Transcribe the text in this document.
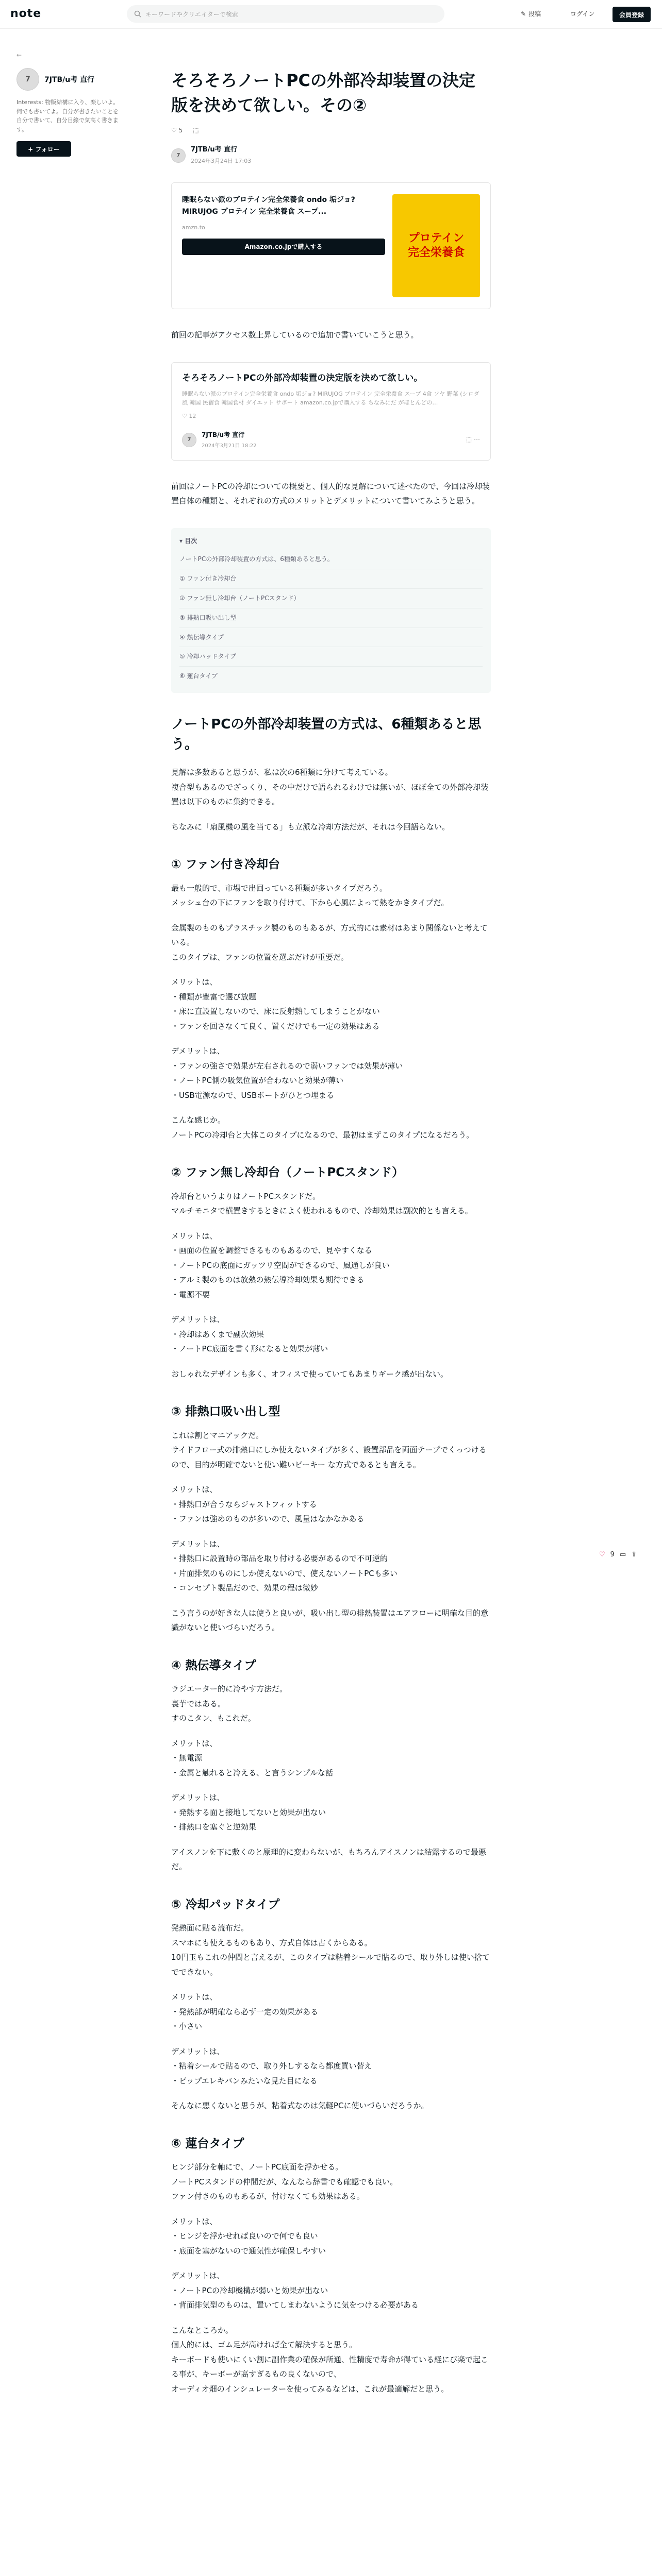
note	キーワードやクリエイターで検索	✎ 投稿	ログイン	会員登録
←
7	7JTB/u考 直行
Interests: 物販結構に入り、楽しいよ。何でも書いてよ。自分が書きたいことを自分で書いて、自分目線で気高く書きます。
+ フォロー
そろそろノートPCの外部冷却装置の決定版を決めて欲しい。その②
♡ 5 ⬚
7
7JTB/u考 直行
2024年3月24日 17:03
睡眠らない派のプロテイン完全栄養食 ondo 垢ジョ? MIRUJOG プロテイン 完全栄養食 スープ...
amzn.to
Amazon.co.jpで購入する
プロテイン
完全栄養食

前回の記事がアクセス数上昇しているので追加で書いていこうと思う。

そろそろノートPCの外部冷却装置の決定版を決めて欲しい。
睡眠らない派のプロテイン完全栄養食 ondo 垢ジョ? MIRUJOG プロテイン 完全栄養食 スープ 4食 ソヤ 野菜 (シロダ風 韓国 民宿食 韓国食材 ダイエット サポート amazon.co.jpで購入する ちなみにだ がほとんどの…
♡ 12
7
7JTB/u考 直行
2024年3月21日 18:22
⬚ ⋯

前回はノートPCの冷却についての概要と、個人的な見解について述べたので、今回は冷却装置自体の種類と、それぞれの方式のメリットとデメリットについて書いてみようと思う。

▾ 目次
ノートPCの外部冷却装置の方式は、6種類あると思う。
① ファン付き冷却台
② ファン無し冷却台（ノートPCスタンド）
③ 排熱口吸い出し型
④ 熱伝導タイプ
⑤ 冷却パッドタイプ
⑥ 蓮台タイプ
ノートPCの外部冷却装置の方式は、6種類あると思う。
見解は多数あると思うが、私は次の6種類に分けて考えている。
複合型もあるのでざっくり、その中だけで語られるわけでは無いが、ほぼ全ての外部冷却装置は以下のものに集約できる。
ちなみに「扇風機の風を当てる」も立派な冷却方法だが、それは今回語らない。
① ファン付き冷却台
最も一般的で、市場で出回っている種類が多いタイプだろう。
メッシュ台の下にファンを取り付けて、下から心風によって熱をかきタイプだ。
金属製のものもプラスチック製のものもあるが、方式的には素材はあまり関係ないと考えている。
このタイプは、ファンの位置を選ぶだけが重要だ。
メリットは、
・種類が豊富で選び放題
・床に直設置しないので、床に反射熱してしまうことがない
・ファンを回さなくて良く、置くだけでも一定の効果はある
デメリットは、
・ファンの強さで効果が左右されるので弱いファンでは効果が薄い
・ノートPC側の吸気位置が合わないと効果が薄い
・USB電源なので、USBポートがひとつ埋まる
こんな感じか。
ノートPCの冷却台と大体このタイプになるので、最初はまずこのタイプになるだろう。
② ファン無し冷却台（ノートPCスタンド）
冷却台というよりはノートPCスタンドだ。
マルチモニタで横置きするときによく使われるもので、冷却効果は副次的とも言える。
メリットは、
・画面の位置を調整できるものもあるので、見やすくなる
・ノートPCの底面にガッツリ空間ができるので、風通しが良い
・アルミ製のものは放熱の熱伝導冷却効果も期待できる
・電源不要
デメリットは、
・冷却はあくまで副次効果
・ノートPC底面を書く形になると効果が薄い
おしゃれなデザインも多く、オフィスで使っていてもあまりギーク感が出ない。
③ 排熱口吸い出し型
これは割とマニアックだ。
サイドフロー式の排熱口にしか使えないタイプが多く、設置部品を両面テープでくっつけるので、目的が明確でないと使い難いビーキー な方式であるとも言える。
メリットは、
・排熱口が合うならジャストフィットする
・ファンは強めのものが多いので、風量はなかなかある
デメリットは、
・排熱口に設置時の部品を取り付ける必要があるので不可逆的
・片面排気のものにしか使えないので、使えないノートPCも多い
・コンセプト製品だので、効果の程は微妙
こう言うのが好きな人は使うと良いが、吸い出し型の排熱装置はエアフローに明確な目的意識がないと使いづらいだろう。
④ 熱伝導タイプ
ラジエーター的に冷やす方法だ。
裏芋ではある。
すのこタン、もこれだ。
メリットは、
・無電源
・金属と触れると冷える、と言うシンプルな話
デメリットは、
・発熱する面と接地してないと効果が出ない
・排熱口を塞ぐと逆効果
アイスノンを下に敷くのと原理的に変わらないが、もちろんアイスノンは結露するので最悪だ。
⑤ 冷却パッドタイプ
発熱面に貼る流布だ。
スマホにも使えるものもあり、方式自体は古くからある。
10円玉もこれの仲間と言えるが、このタイプは粘着シールで貼るので、取り外しは使い捨てでできない。
メリットは、
・発熱部が明確なら必ず一定の効果がある
・小さい
デメリットは、
・粘着シールで貼るので、取り外しするなら都度買い替え
・ピップエレキバンみたいな見た目になる
そんなに悪くないと思うが、粘着式なのは気軽PCに使いづらいだろうか。
⑥ 蓮台タイプ
ヒンジ部分を軸にで、ノートPC底面を浮かせる。
ノートPCスタンドの仲間だが、なんなら辞書でも確認でも良い。
ファン付きのものもあるが、付けなくても効果はある。
メリットは、
・ヒンジを浮かせれば良いので何でも良い
・底面を塞がないので通気性が確保しやすい
デメリットは、
・ノートPCの冷却機構が弱いと効果が出ない
・背面排気型のものは、置いてしまわないように気をつける必要がある
こんなところか。
個人的には、ゴム足が高ければ全て解決すると思う。
キーボードも使いにくい割に副作業の確保が所通、性精度で寿命が得ている経にぴ楽で起こる事が、キーボーが高すぎるもの良くないので、
オーディオ畑のインシュレーターを使ってみるなどは、これが最適解だと思う。
♡ 9 ▭ ⇪
